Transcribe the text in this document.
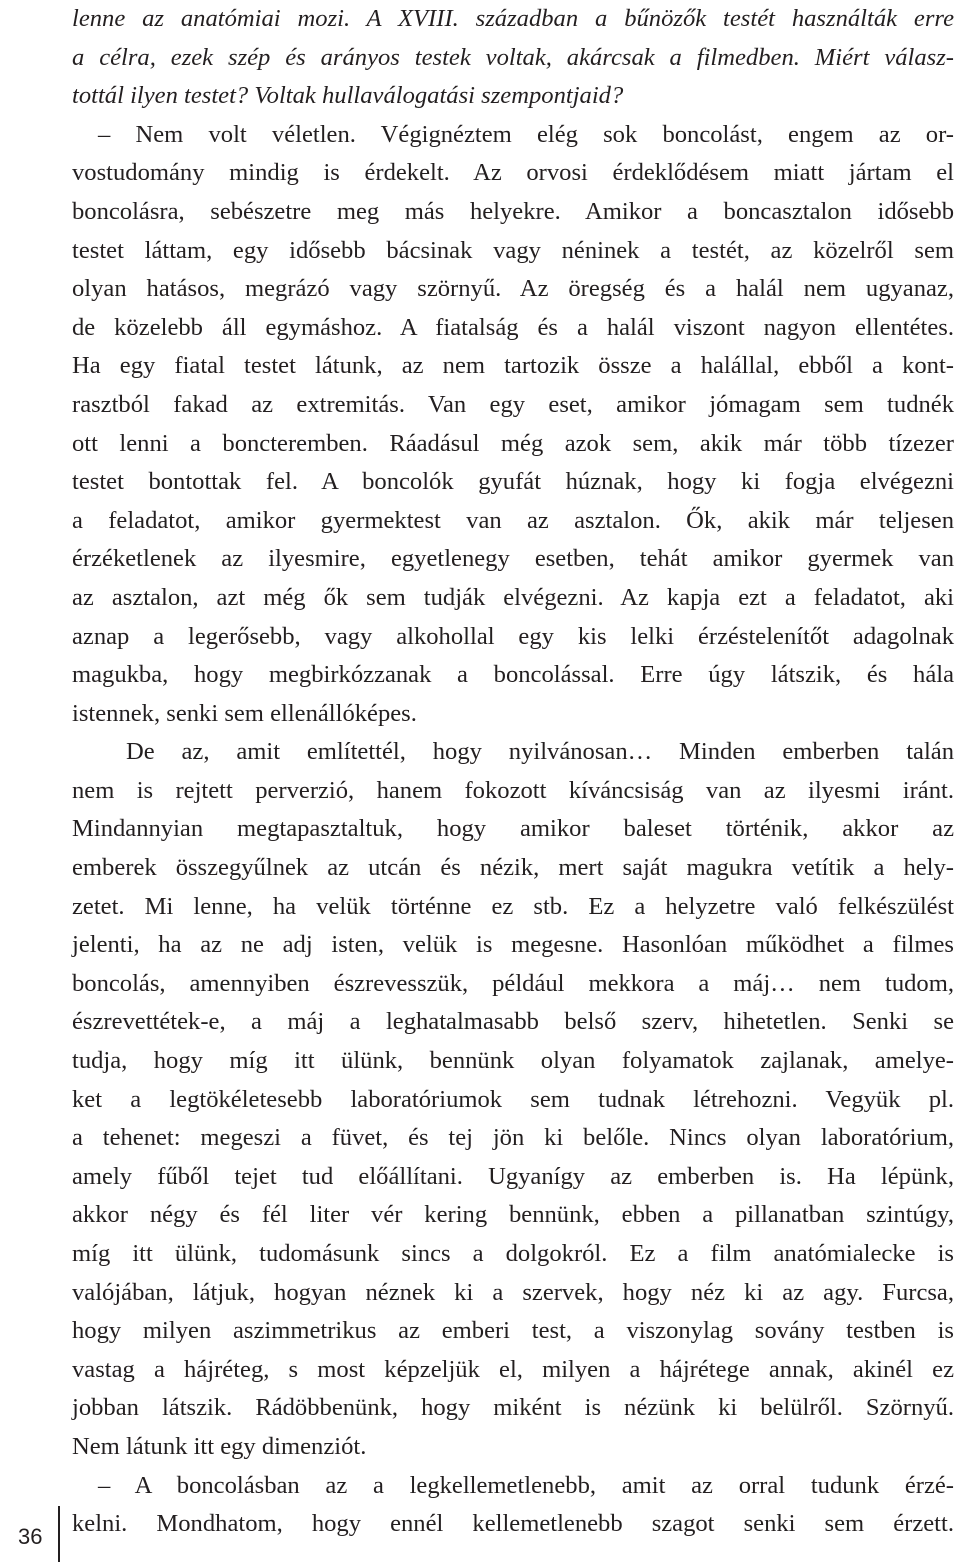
lenne az anatómiai mozi. A XVIII. században a bűnözők testét használták erre
a célra, ezek szép és arányos testek voltak, akárcsak a filmedben. Miért válasz-
tottál ilyen testet? Voltak hullaválogatási szempontjaid?
– Nem volt véletlen. Végignéztem elég sok boncolást, engem az or-
vostudomány mindig is érdekelt. Az orvosi érdeklődésem miatt jártam el
boncolásra, sebészetre meg más helyekre. Amikor a boncasztalon idősebb
testet láttam, egy idősebb bácsinak vagy néninek a testét, az közelről sem
olyan hatásos, megrázó vagy szörnyű. Az öregség és a halál nem ugyanaz,
de közelebb áll egymáshoz. A fiatalság és a halál viszont nagyon ellentétes.
Ha egy fiatal testet látunk, az nem tartozik össze a halállal, ebből a kont-
rasztból fakad az extremitás. Van egy eset, amikor jómagam sem tudnék
ott lenni a boncteremben. Ráadásul még azok sem, akik már több tízezer
testet bontottak fel. A boncolók gyufát húznak, hogy ki fogja elvégezni
a feladatot, amikor gyermektest van az asztalon. Ők, akik már teljesen
érzéketlenek az ilyesmire, egyetlenegy esetben, tehát amikor gyermek van
az asztalon, azt még ők sem tudják elvégezni. Az kapja ezt a feladatot, aki
aznap a legerősebb, vagy alkohollal egy kis lelki érzéstelenítőt adagolnak
magukba, hogy megbirkózzanak a boncolással. Erre úgy látszik, és hála
istennek, senki sem ellenállóképes.
De az, amit említettél, hogy nyilvánosan… Minden emberben talán
nem is rejtett perverzió, hanem fokozott kíváncsiság van az ilyesmi iránt.
Mindannyian megtapasztaltuk, hogy amikor baleset történik, akkor az
emberek összegyűlnek az utcán és nézik, mert saját magukra vetítik a hely-
zetet. Mi lenne, ha velük történne ez stb. Ez a helyzetre való felkészülést
jelenti, ha az ne adj isten, velük is megesne. Hasonlóan működhet a filmes
boncolás, amennyiben észrevesszük, például mekkora a máj… nem tudom,
észrevettétek-e, a máj a leghatalmasabb belső szerv, hihetetlen. Senki se
tudja, hogy míg itt ülünk, bennünk olyan folyamatok zajlanak, amelye-
ket a legtökéletesebb laboratóriumok sem tudnak létrehozni. Vegyük pl.
a tehenet: megeszi a füvet, és tej jön ki belőle. Nincs olyan laboratórium,
amely fűből tejet tud előállítani. Ugyanígy az emberben is. Ha lépünk,
akkor négy és fél liter vér kering bennünk, ebben a pillanatban szintúgy,
míg itt ülünk, tudomásunk sincs a dolgokról. Ez a film anatómialecke is
valójában, látjuk, hogyan néznek ki a szervek, hogy néz ki az agy. Furcsa,
hogy milyen aszimmetrikus az emberi test, a viszonylag sovány testben is
vastag a hájréteg, s most képzeljük el, milyen a hájrétege annak, akinél ez
jobban látszik. Rádöbbenünk, hogy miként is nézünk ki belülről. Szörnyű.
Nem látunk itt egy dimenziót.
– A boncolásban az a legkellemetlenebb, amit az orral tudunk érzé-
kelni. Mondhatom, hogy ennél kellemetlenebb szagot senki sem érzett.
36
